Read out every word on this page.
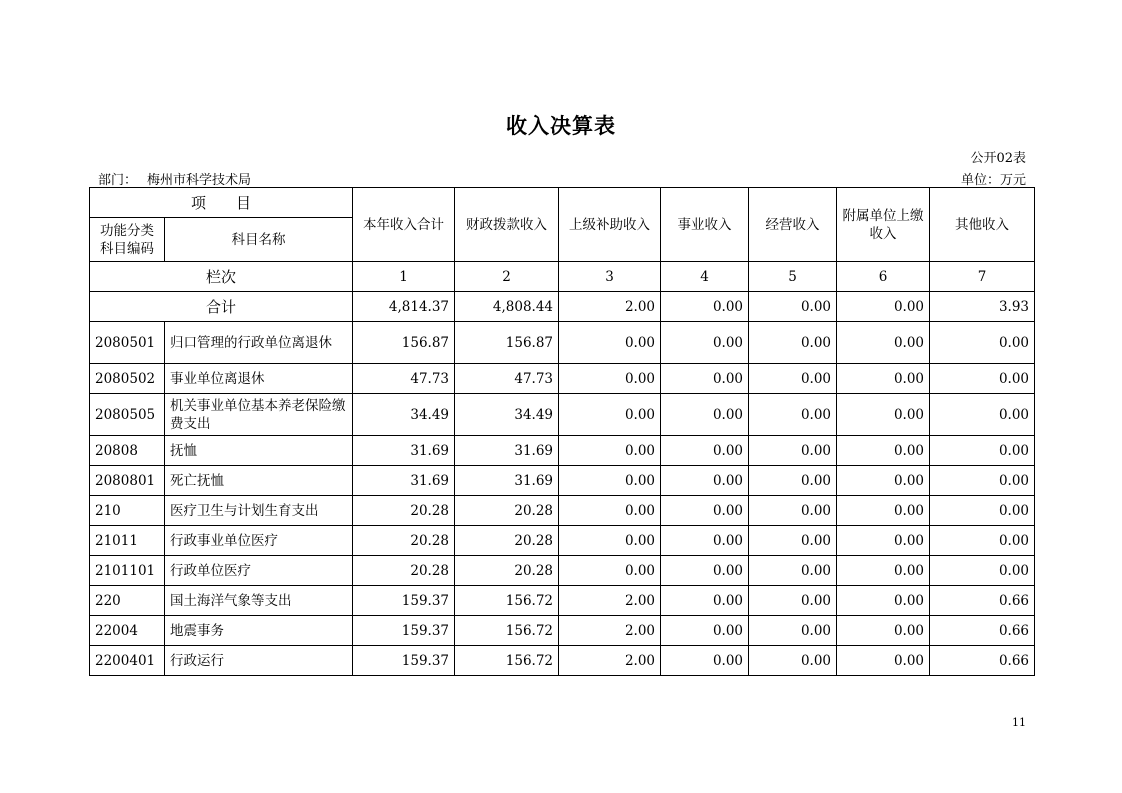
收入决算表
公开02表
部门： 梅州市科学技术局	单位：万元
项　　目		本年收入合计	财政拨款收入	上级补助收入	事业收入	经营收入	附属单位上缴收入	其他收入
功能分类科目编码	科目名称							
栏次		1	2	3	4	5	6	7
合计		4,814.37	4,808.44	2.00	0.00	0.00	0.00	3.93
2080501	归口管理的行政单位离退休	156.87	156.87	0.00	0.00	0.00	0.00	0.00
2080502	事业单位离退休	47.73	47.73	0.00	0.00	0.00	0.00	0.00
2080505	机关事业单位基本养老保险缴费支出	34.49	34.49	0.00	0.00	0.00	0.00	0.00
20808	抚恤	31.69	31.69	0.00	0.00	0.00	0.00	0.00
2080801	死亡抚恤	31.69	31.69	0.00	0.00	0.00	0.00	0.00
210	医疗卫生与计划生育支出	20.28	20.28	0.00	0.00	0.00	0.00	0.00
21011	行政事业单位医疗	20.28	20.28	0.00	0.00	0.00	0.00	0.00
2101101	行政单位医疗	20.28	20.28	0.00	0.00	0.00	0.00	0.00
220	国土海洋气象等支出	159.37	156.72	2.00	0.00	0.00	0.00	0.66
22004	地震事务	159.37	156.72	2.00	0.00	0.00	0.00	0.66
2200401	行政运行	159.37	156.72	2.00	0.00	0.00	0.00	0.66
11
